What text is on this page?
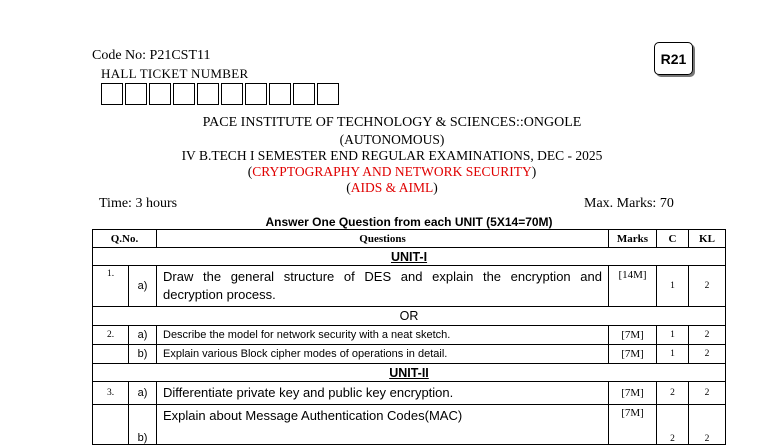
Code No: P21CST11
HALL TICKET NUMBER
R21
PACE INSTITUTE OF TECHNOLOGY & SCIENCES::ONGOLE
(AUTONOMOUS)
IV B.TECH I SEMESTER END REGULAR EXAMINATIONS, DEC - 2025
(CRYPTOGRAPHY AND NETWORK SECURITY)
(AIDS & AIML)
Time: 3 hours	Max. Marks: 70
Answer One Question from each UNIT (5X14=70M)					
Q.No.		Questions	Marks	C	KL
UNIT-I					
1.	a)	Draw the general structure of DES and explain the encryption and decryption process.	[14M]	1	2
OR					
2.	a)	Describe the model for network security with a neat sketch.	[7M]	1	2
	b)	Explain various Block cipher modes of operations in detail.	[7M]	1	2
UNIT-II					
3.	a)	Differentiate private key and public key encryption.	[7M]	2	2
	b)	Explain about Message Authentication Codes(MAC)	[7M]	2	2
